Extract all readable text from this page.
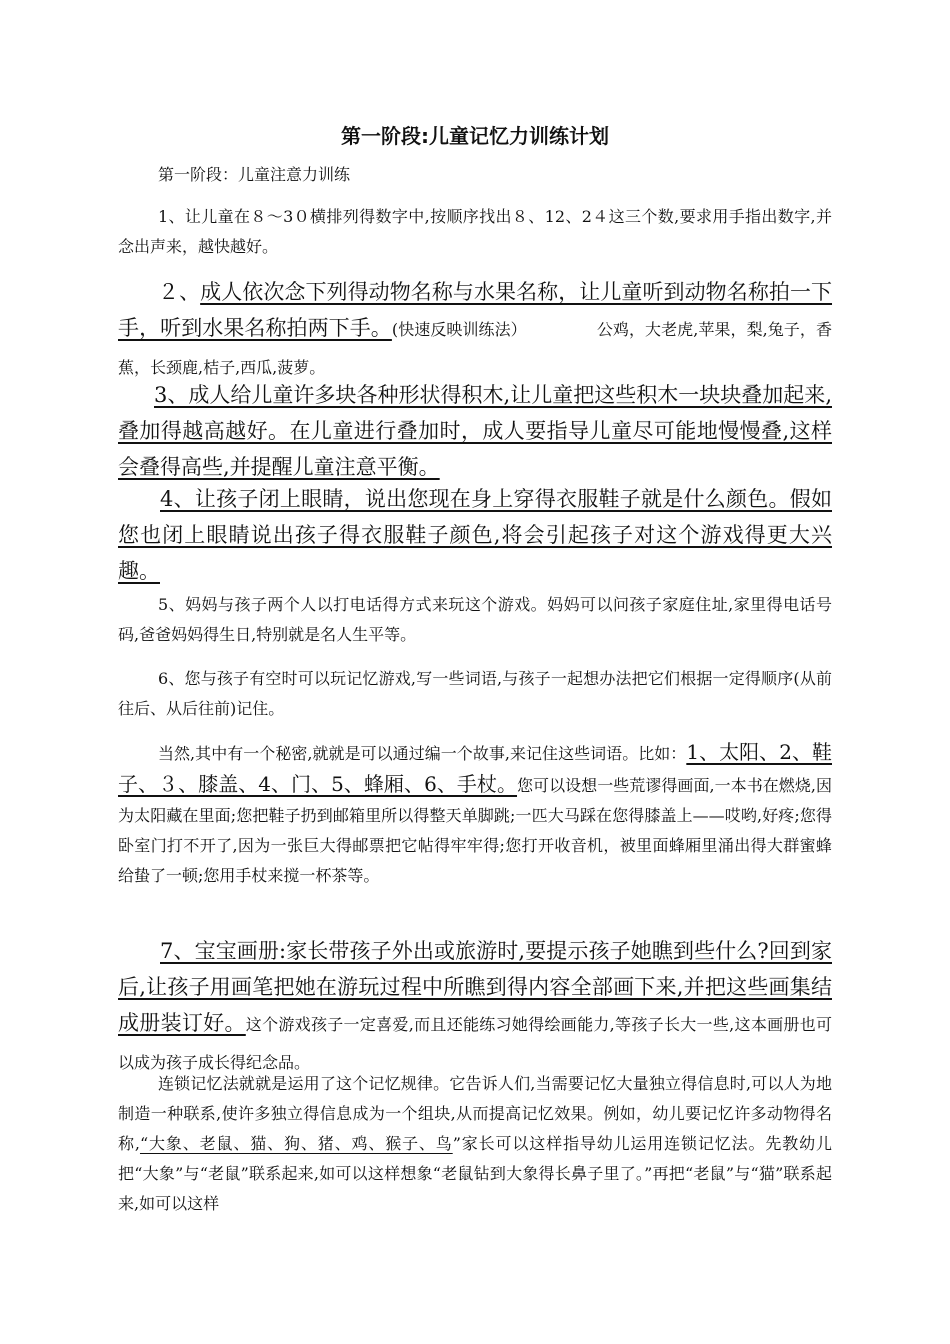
第一阶段:儿童记忆力训练计划
第一阶段：儿童注意力训练
1、让儿童在８～3０横排列得数字中,按顺序找出８、12、2４这三个数,要求用手指出数字,并念出声来，越快越好。
２、成人依次念下列得动物名称与水果名称，让儿童听到动物名称拍一下手，听到水果名称拍两下手。(快速反映训练法）	公鸡，大老虎,苹果，梨,兔子，香蕉，长颈鹿,桔子,西瓜,菠萝。
3、成人给儿童许多块各种形状得积木,让儿童把这些积木一块块叠加起来,叠加得越高越好。在儿童进行叠加时，成人要指导儿童尽可能地慢慢叠,这样会叠得高些,并提醒儿童注意平衡。
4、让孩子闭上眼睛，说出您现在身上穿得衣服鞋子就是什么颜色。假如您也闭上眼睛说出孩子得衣服鞋子颜色,将会引起孩子对这个游戏得更大兴趣。
5、妈妈与孩子两个人以打电话得方式来玩这个游戏。妈妈可以问孩子家庭住址,家里得电话号码,爸爸妈妈得生日,特别就是名人生平等。
6、您与孩子有空时可以玩记忆游戏,写一些词语,与孩子一起想办法把它们根据一定得顺序(从前往后、从后往前)记住。
当然,其中有一个秘密,就就是可以通过编一个故事,来记住这些词语。比如：1、太阳、2、鞋子、３、膝盖、4、门、5、蜂厢、6、手杖。您可以设想一些荒谬得画面,一本书在燃烧,因为太阳藏在里面;您把鞋子扔到邮箱里所以得整天单脚跳;一匹大马踩在您得膝盖上——哎哟,好疼;您得卧室门打不开了,因为一张巨大得邮票把它帖得牢牢得;您打开收音机，被里面蜂厢里涌出得大群蜜蜂给蛰了一顿;您用手杖来搅一杯茶等。
7、宝宝画册:家长带孩子外出或旅游时,要提示孩子她瞧到些什么?回到家后,让孩子用画笔把她在游玩过程中所瞧到得内容全部画下来,并把这些画集结成册装订好。这个游戏孩子一定喜爱,而且还能练习她得绘画能力,等孩子长大一些,这本画册也可以成为孩子成长得纪念品。
连锁记忆法就就是运用了这个记忆规律。它告诉人们,当需要记忆大量独立得信息时,可以人为地制造一种联系,使许多独立得信息成为一个组块,从而提高记忆效果。例如，幼儿要记忆许多动物得名称,“大象、老鼠、猫、狗、猪、鸡、猴子、鸟”家长可以这样指导幼儿运用连锁记忆法。先教幼儿把“大象”与“老鼠”联系起来,如可以这样想象“老鼠钻到大象得长鼻子里了。”再把“老鼠”与“猫”联系起来,如可以这样
